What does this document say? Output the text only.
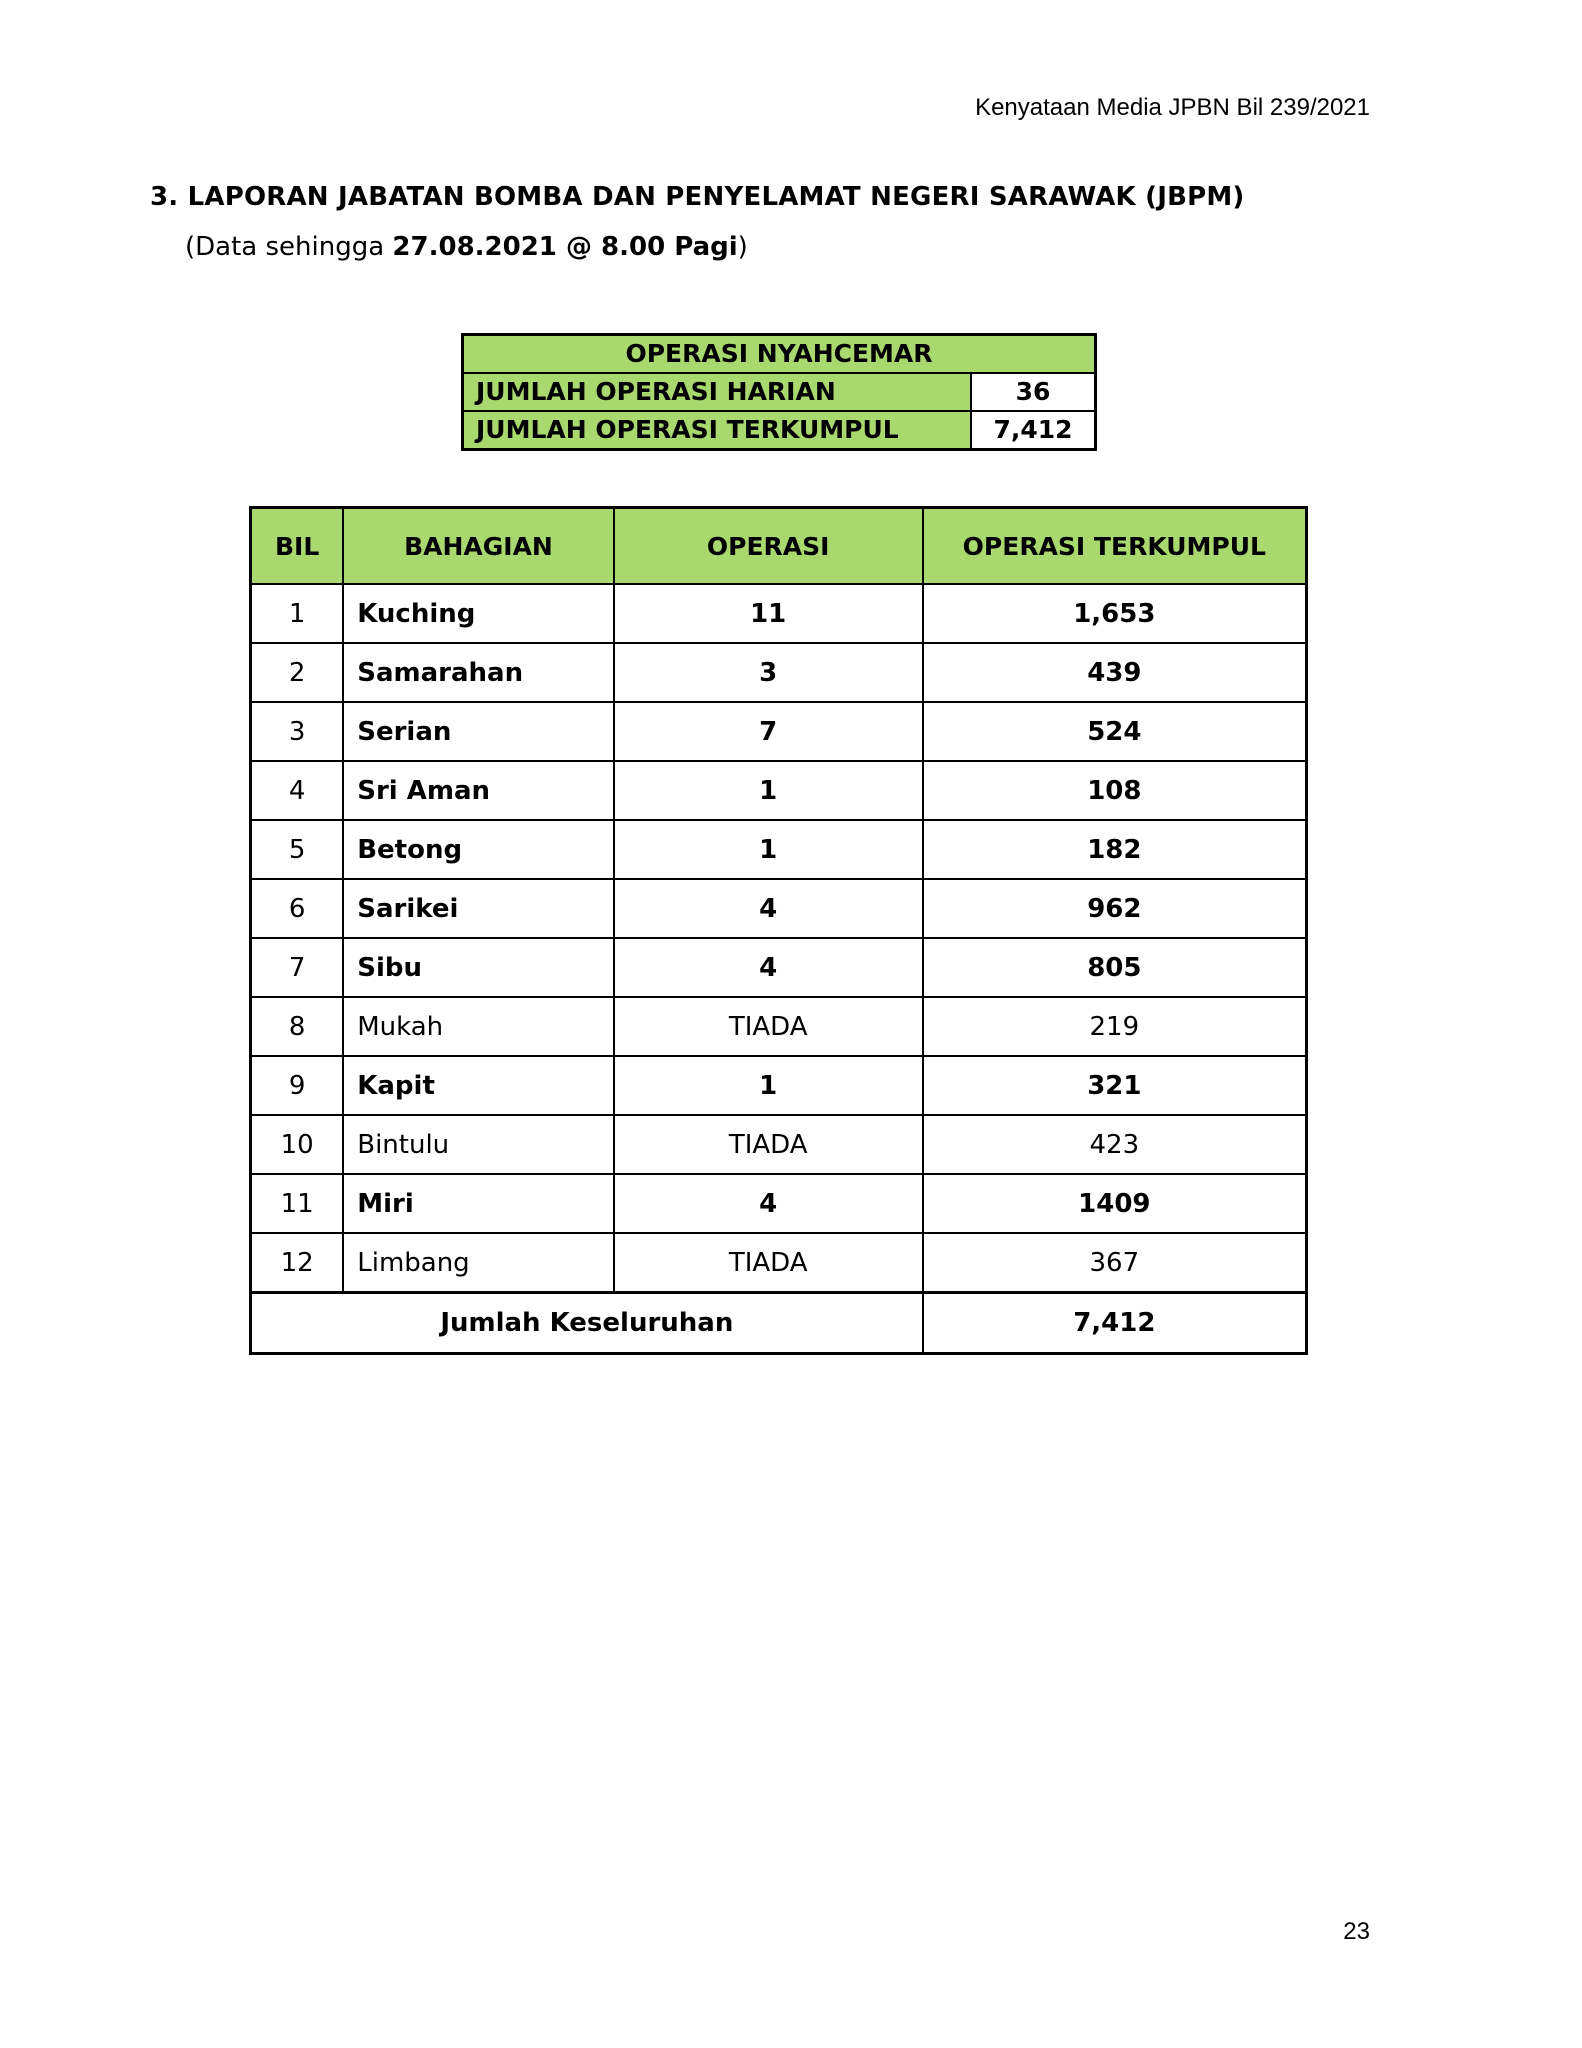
Kenyataan Media JPBN Bil 239/2021
3. LAPORAN JABATAN BOMBA DAN PENYELAMAT NEGERI SARAWAK (JBPM)
(Data sehingga 27.08.2021 @ 8.00 Pagi)
OPERASI NYAHCEMAR	
JUMLAH OPERASI HARIAN	36
JUMLAH OPERASI TERKUMPUL	7,412
BIL	BAHAGIAN	OPERASI	OPERASI TERKUMPUL
1	Kuching	11	1,653
2	Samarahan	3	439
3	Serian	7	524
4	Sri Aman	1	108
5	Betong	1	182
6	Sarikei	4	962
7	Sibu	4	805
8	Mukah	TIADA	219
9	Kapit	1	321
10	Bintulu	TIADA	423
11	Miri	4	1409
12	Limbang	TIADA	367
Jumlah Keseluruhan			7,412
23
